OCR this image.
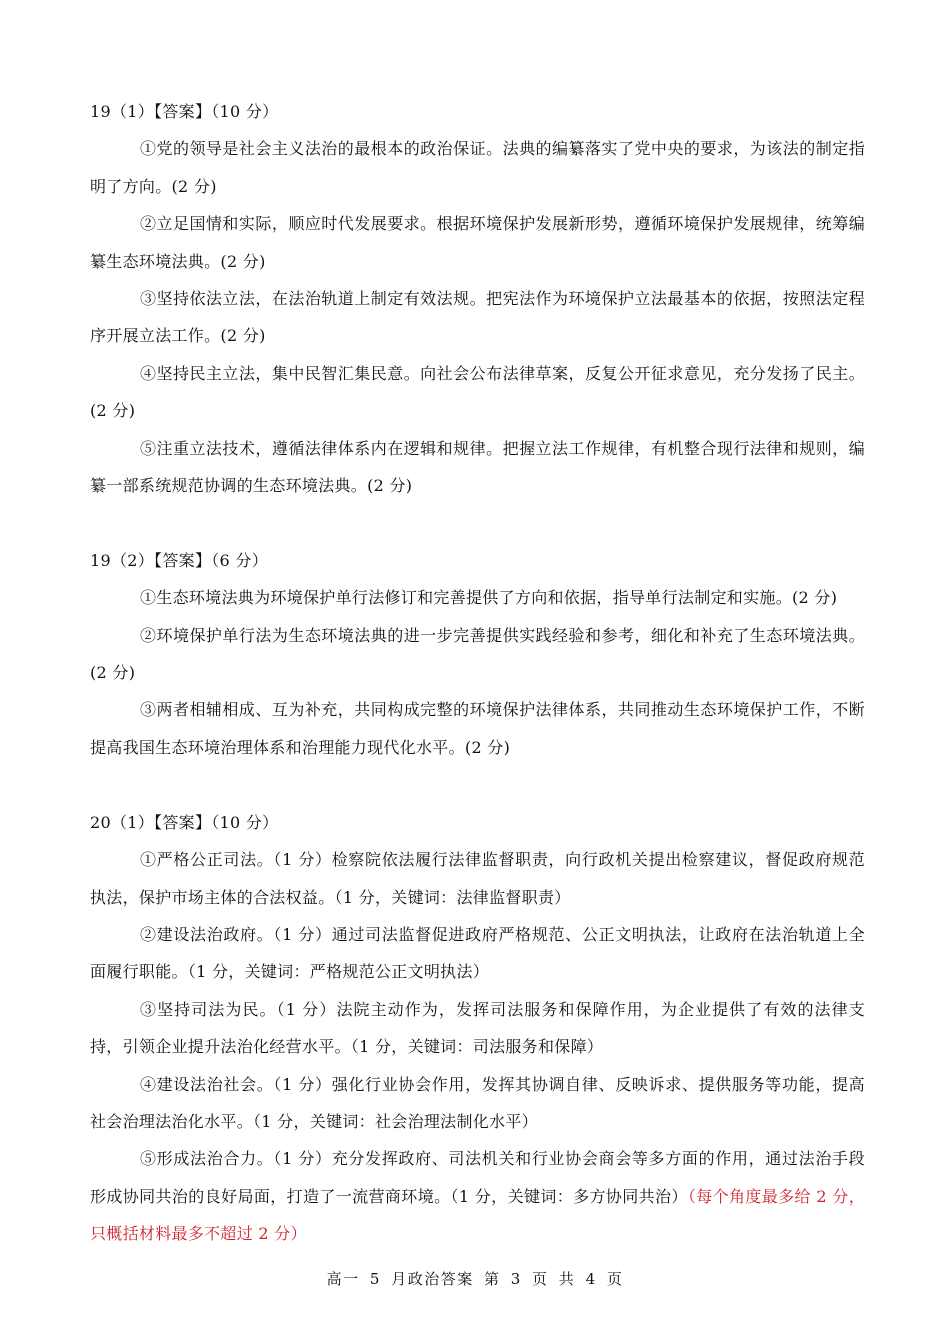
19（1）【答案】（10 分）

①党的领导是社会主义法治的最根本的政治保证。法典的编纂落实了党中央的要求，为该法的制定指明了方向。(2 分)

②立足国情和实际，顺应时代发展要求。根据环境保护发展新形势，遵循环境保护发展规律，统筹编纂生态环境法典。(2 分)

③坚持依法立法，在法治轨道上制定有效法规。把宪法作为环境保护立法最基本的依据，按照法定程序开展立法工作。(2 分)

④坚持民主立法，集中民智汇集民意。向社会公布法律草案，反复公开征求意见，充分发扬了民主。(2 分)

⑤注重立法技术，遵循法律体系内在逻辑和规律。把握立法工作规律，有机整合现行法律和规则，编纂一部系统规范协调的生态环境法典。(2 分)

19（2）【答案】（6 分）

①生态环境法典为环境保护单行法修订和完善提供了方向和依据，指导单行法制定和实施。(2 分)

②环境保护单行法为生态环境法典的进一步完善提供实践经验和参考，细化和补充了生态环境法典。(2 分)

③两者相辅相成、互为补充，共同构成完整的环境保护法律体系，共同推动生态环境保护工作，不断提高我国生态环境治理体系和治理能力现代化水平。(2 分)

20（1）【答案】（10 分）

①严格公正司法。（1 分）检察院依法履行法律监督职责，向行政机关提出检察建议，督促政府规范执法，保护市场主体的合法权益。（1 分，关键词：法律监督职责）

②建设法治政府。（1 分）通过司法监督促进政府严格规范、公正文明执法，让政府在法治轨道上全面履行职能。（1 分，关键词：严格规范公正文明执法）

③坚持司法为民。（1 分）法院主动作为，发挥司法服务和保障作用，为企业提供了有效的法律支持，引领企业提升法治化经营水平。（1 分，关键词：司法服务和保障）

④建设法治社会。（1 分）强化行业协会作用，发挥其协调自律、反映诉求、提供服务等功能，提高社会治理法治化水平。（1 分，关键词：社会治理法制化水平）

⑤形成法治合力。（1 分）充分发挥政府、司法机关和行业协会商会等多方面的作用，通过法治手段形成协同共治的良好局面，打造了一流营商环境。（1 分，关键词：多方协同共治）（每个角度最多给 2 分，只概括材料最多不超过 2 分）

高一 5 月政治答案 第 3 页 共 4 页
